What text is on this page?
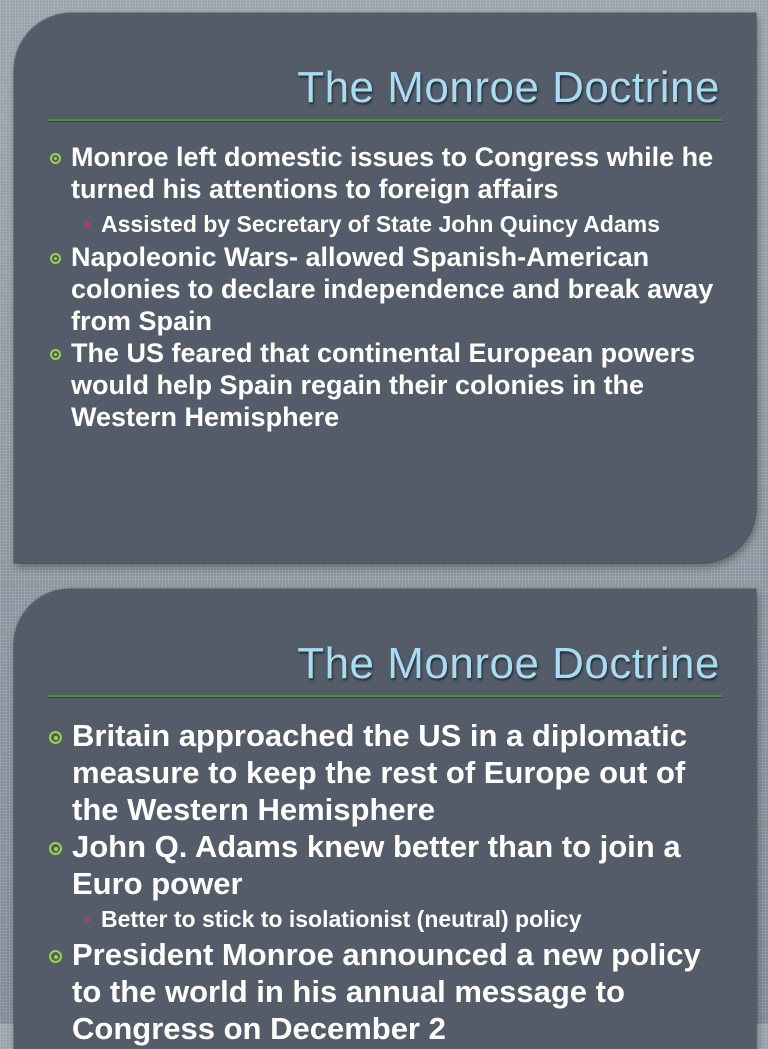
The Monroe Doctrine
Monroe left domestic issues to Congress while he turned his attentions to foreign affairs
Assisted by Secretary of State John Quincy Adams
Napoleonic Wars- allowed Spanish-American colonies to declare independence and break away from Spain
The US feared that continental European powers would help Spain regain their colonies in the Western Hemisphere
The Monroe Doctrine
Britain approached the US in a diplomatic measure to keep the rest of Europe out of the Western Hemisphere
John Q. Adams knew better than to join a Euro power
Better to stick to isolationist (neutral) policy
President Monroe announced a new policy to the world in his annual message to Congress on December 2
